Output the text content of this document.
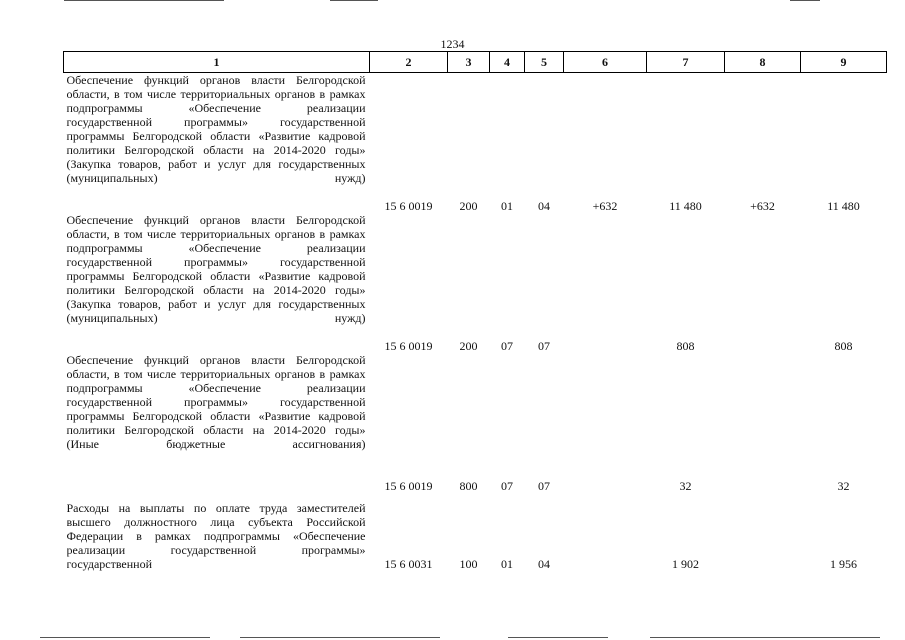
1234
1	2	3	4	5	6	7	8	9
Обеспечение функций органов власти Белгородской области, в том числе территориальных органов в рамках подпрограммы «Обеспечение реализации государственной программы» государственной программы Белгородской области «Развитие кадровой политики Белгородской области на 2014-2020 годы» (Закупка товаров, работ и услуг для государственных (муниципальных) нужд)	15 6 0019	200	01	04	+632	11 480	+632	11 480
Обеспечение функций органов власти Белгородской области, в том числе территориальных органов в рамках подпрограммы «Обеспечение реализации государственной программы» государственной программы Белгородской области «Развитие кадровой политики Белгородской области на 2014-2020 годы» (Закупка товаров, работ и услуг для государственных (муниципальных) нужд)	15 6 0019	200	07	07		808		808
Обеспечение функций органов власти Белгородской области, в том числе территориальных органов в рамках подпрограммы «Обеспечение реализации государственной программы» государственной программы Белгородской области «Развитие кадровой политики Белгородской области на 2014-2020 годы» (Иные бюджетные ассигнования)	15 6 0019	800	07	07		32		32

Расходы на выплаты по оплате труда заместителей высшего должностного лица субъекта Российской Федерации в рамках подпрограммы «Обеспечение реализации государственной программы» государственной	15 6 0031	100	01	04		1 902		1 956
